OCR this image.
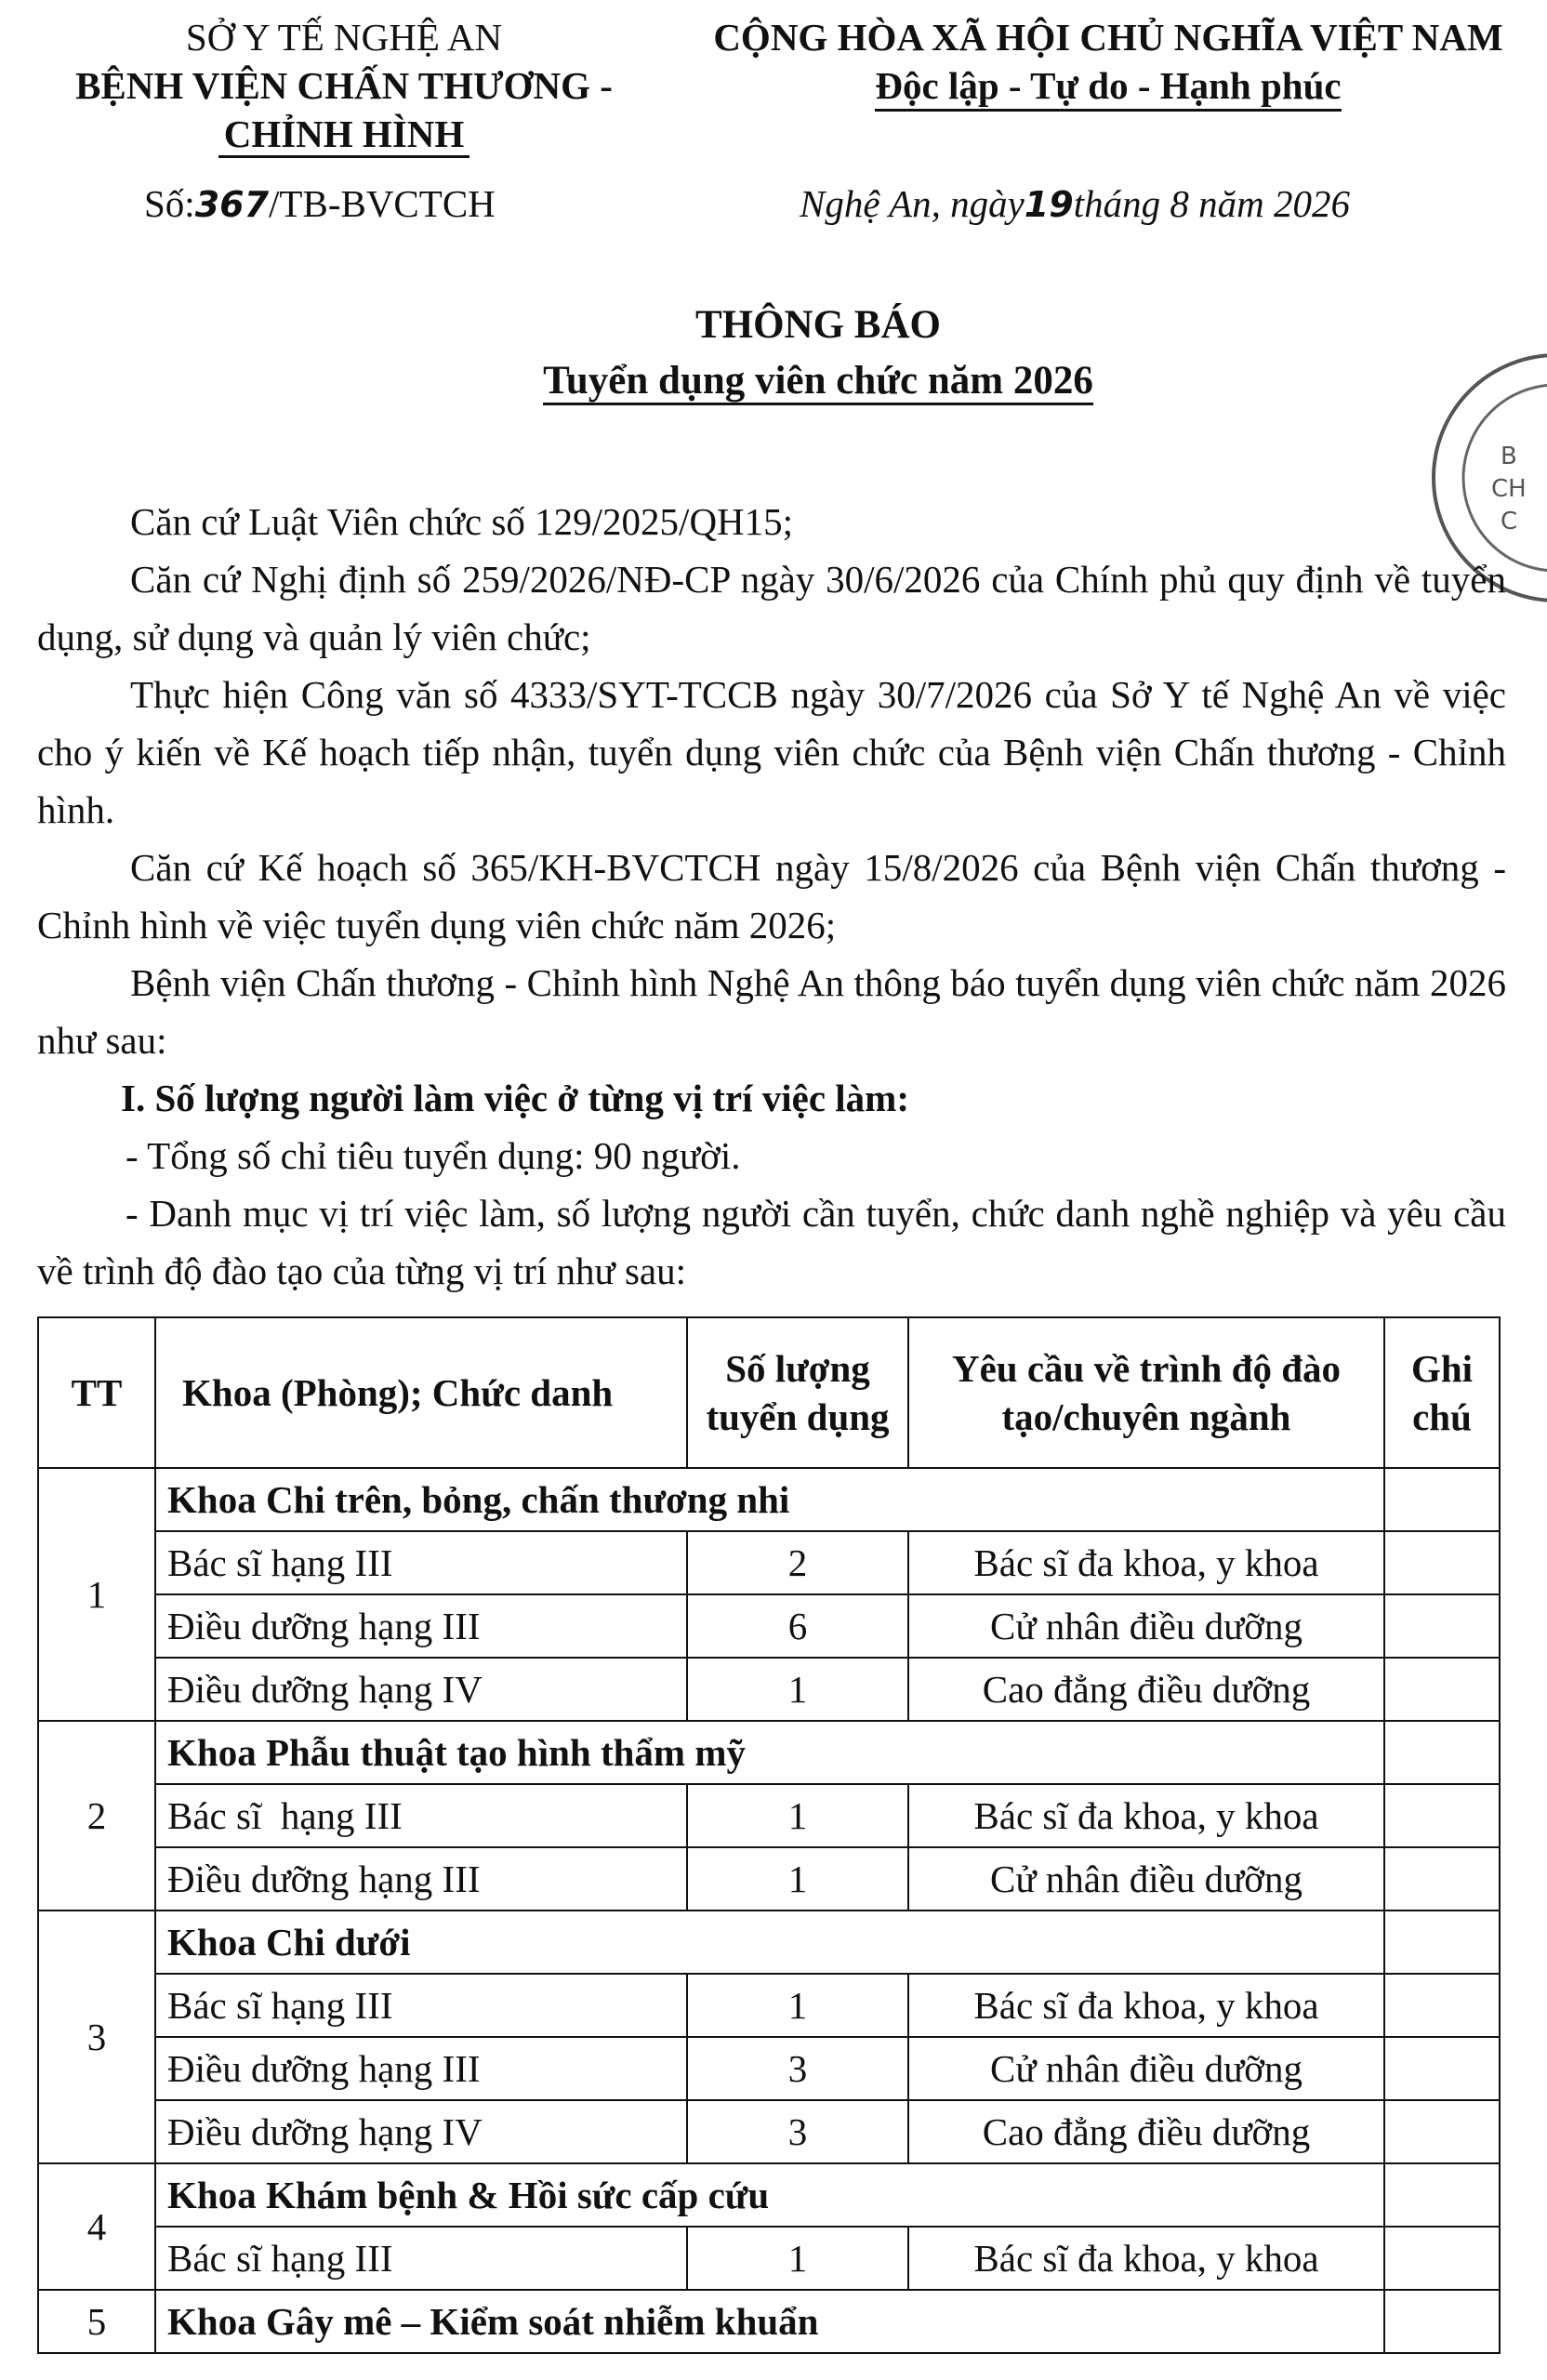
SỞ Y TẾ NGHỆ AN
BỆNH VIỆN CHẤN THƯƠNG -
CHỈNH HÌNH
CỘNG HÒA XÃ HỘI CHỦ NGHĨA VIỆT NAM
Độc lập - Tự do - Hạnh phúc
Số:367/TB-BVCTCH	Nghệ An, ngày19tháng 8 năm 2026
B
CH
C
THÔNG BÁO
Tuyển dụng viên chức năm 2026

Căn cứ Luật Viên chức số 129/2025/QH15;

Căn cứ Nghị định số 259/2026/NĐ-CP ngày 30/6/2026 của Chính phủ quy định về tuyển dụng, sử dụng và quản lý viên chức;

Thực hiện Công văn số 4333/SYT-TCCB ngày 30/7/2026 của Sở Y tế Nghệ An về việc cho ý kiến về Kế hoạch tiếp nhận, tuyển dụng viên chức của Bệnh viện Chấn thương - Chỉnh hình.

Căn cứ Kế hoạch số 365/KH-BVCTCH ngày 15/8/2026 của Bệnh viện Chấn thương - Chỉnh hình về việc tuyển dụng viên chức năm 2026;

Bệnh viện Chấn thương - Chỉnh hình Nghệ An thông báo tuyển dụng viên chức năm 2026 như sau:

I. Số lượng người làm việc ở từng vị trí việc làm:

- Tổng số chỉ tiêu tuyển dụng: 90 người.

- Danh mục vị trí việc làm, số lượng người cần tuyển, chức danh nghề nghiệp và yêu cầu về trình độ đào tạo của từng vị trí như sau:

TT	Khoa (Phòng); Chức danh	Số lượng tuyển dụng	Yêu cầu về trình độ đào tạo/chuyên ngành	Ghi chú
1	Khoa Chi trên, bỏng, chấn thương nhi			
	Bác sĩ hạng III	2	Bác sĩ đa khoa, y khoa	
	Điều dưỡng hạng III	6	Cử nhân điều dưỡng	
	Điều dưỡng hạng IV	1	Cao đẳng điều dưỡng	
2	Khoa Phẫu thuật tạo hình thẩm mỹ			
	Bác sĩ  hạng III	1	Bác sĩ đa khoa, y khoa	
	Điều dưỡng hạng III	1	Cử nhân điều dưỡng	
3	Khoa Chi dưới			
	Bác sĩ hạng III	1	Bác sĩ đa khoa, y khoa	
	Điều dưỡng hạng III	3	Cử nhân điều dưỡng	
	Điều dưỡng hạng IV	3	Cao đẳng điều dưỡng	
4	Khoa Khám bệnh & Hồi sức cấp cứu			
	Bác sĩ hạng III	1	Bác sĩ đa khoa, y khoa	
5	Khoa Gây mê – Kiểm soát nhiễm khuẩn			
